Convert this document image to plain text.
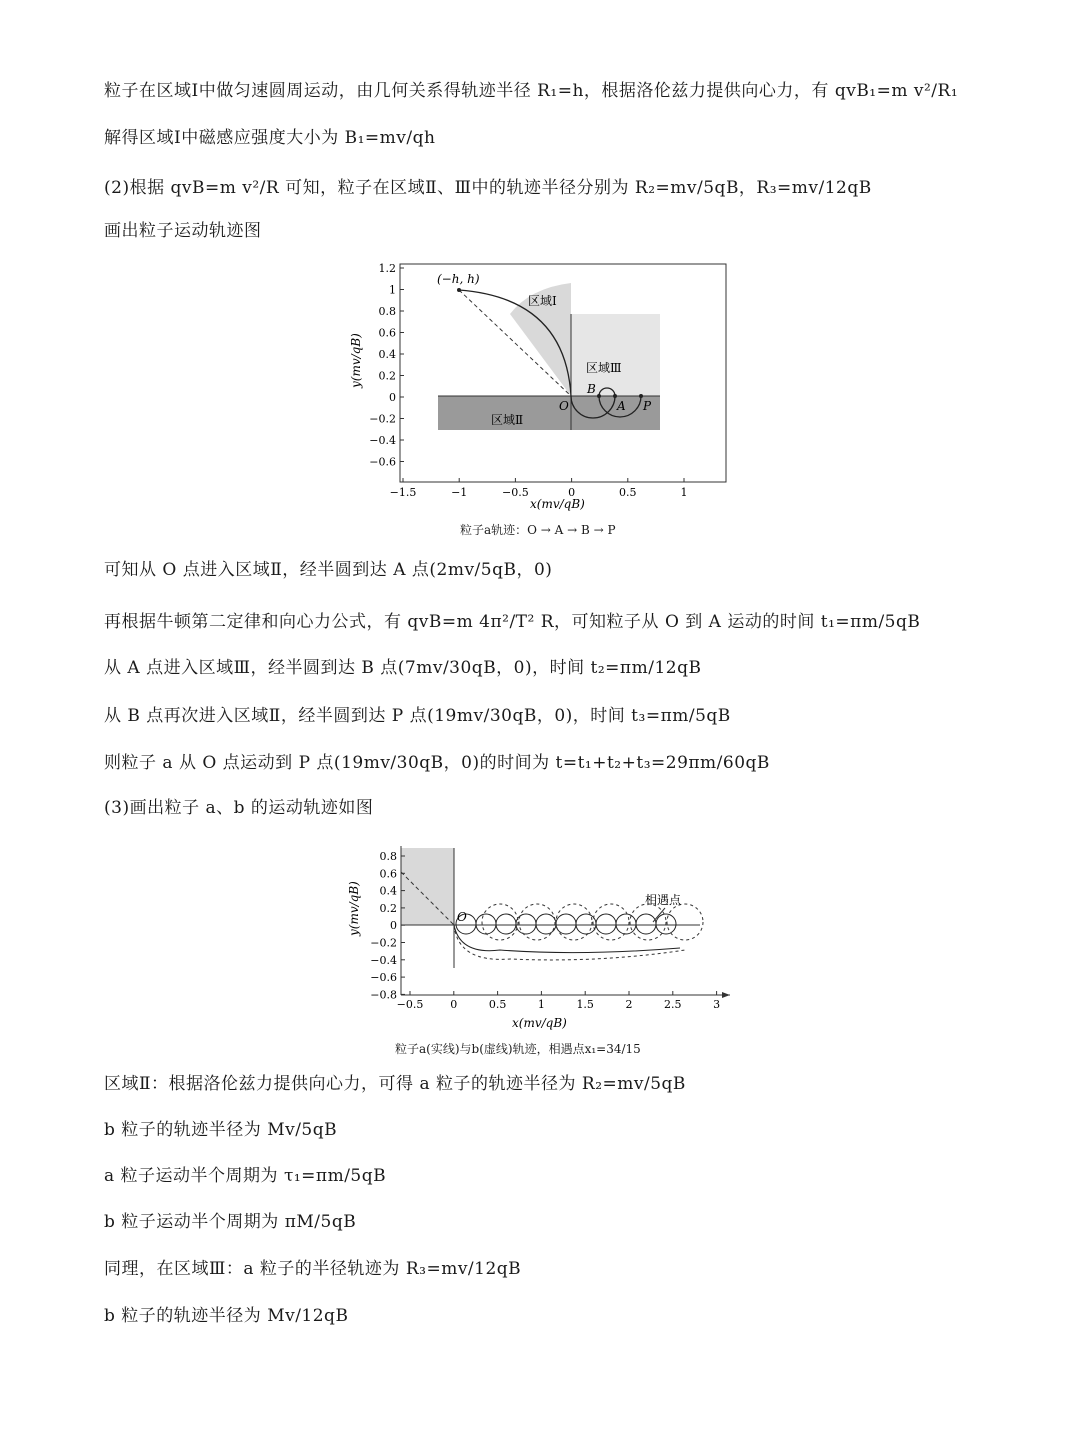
粒子在区域Ⅰ中做匀速圆周运动，由几何关系得轨迹半径 R₁=h，根据洛伦兹力提供向心力，有 qvB₁=m v²/R₁
解得区域Ⅰ中磁感应强度大小为 B₁=mv/qh
(2)根据 qvB=m v²/R 可知，粒子在区域Ⅱ、Ⅲ中的轨迹半径分别为 R₂=mv/5qB，R₃=mv/12qB
画出粒子运动轨迹图
(−h, h)
区域Ⅰ
区域Ⅲ
区域Ⅱ
O
B
A P
1.2
1
0.8
0.6
0.4
0.2
0
−0.2
−0.4
−0.6
−1.5	−1	−0.5	0	0.5	1
y(mv/qB)
x(mv/qB)
粒子a轨迹：O → A → B → P
可知从 O 点进入区域Ⅱ，经半圆到达 A 点(2mv/5qB，0)
再根据牛顿第二定律和向心力公式，有 qvB=m 4π²/T² R，可知粒子从 O 到 A 运动的时间 t₁=πm/5qB
从 A 点进入区域Ⅲ，经半圆到达 B 点(7mv/30qB，0)，时间 t₂=πm/12qB
从 B 点再次进入区域Ⅱ，经半圆到达 P 点(19mv/30qB，0)，时间 t₃=πm/5qB
则粒子 a 从 O 点运动到 P 点(19mv/30qB，0)的时间为 t=t₁+t₂+t₃=29πm/60qB
(3)画出粒子 a、b 的运动轨迹如图
O
相遇点
0.8
0.6
0.4
0.2
0
−0.2
−0.4
−0.6
−0.8
−0.5 0	0.5	1	1.5	2	2.5	3
y(mv/qB)
x(mv/qB)
粒子a(实线)与b(虚线)轨迹，相遇点x₁=34/15
区域Ⅱ：根据洛伦兹力提供向心力，可得 a 粒子的轨迹半径为 R₂=mv/5qB
b 粒子的轨迹半径为 Mv/5qB
a 粒子运动半个周期为 τ₁=πm/5qB
b 粒子运动半个周期为 πM/5qB
同理，在区域Ⅲ：a 粒子的半径轨迹为 R₃=mv/12qB
b 粒子的轨迹半径为 Mv/12qB
